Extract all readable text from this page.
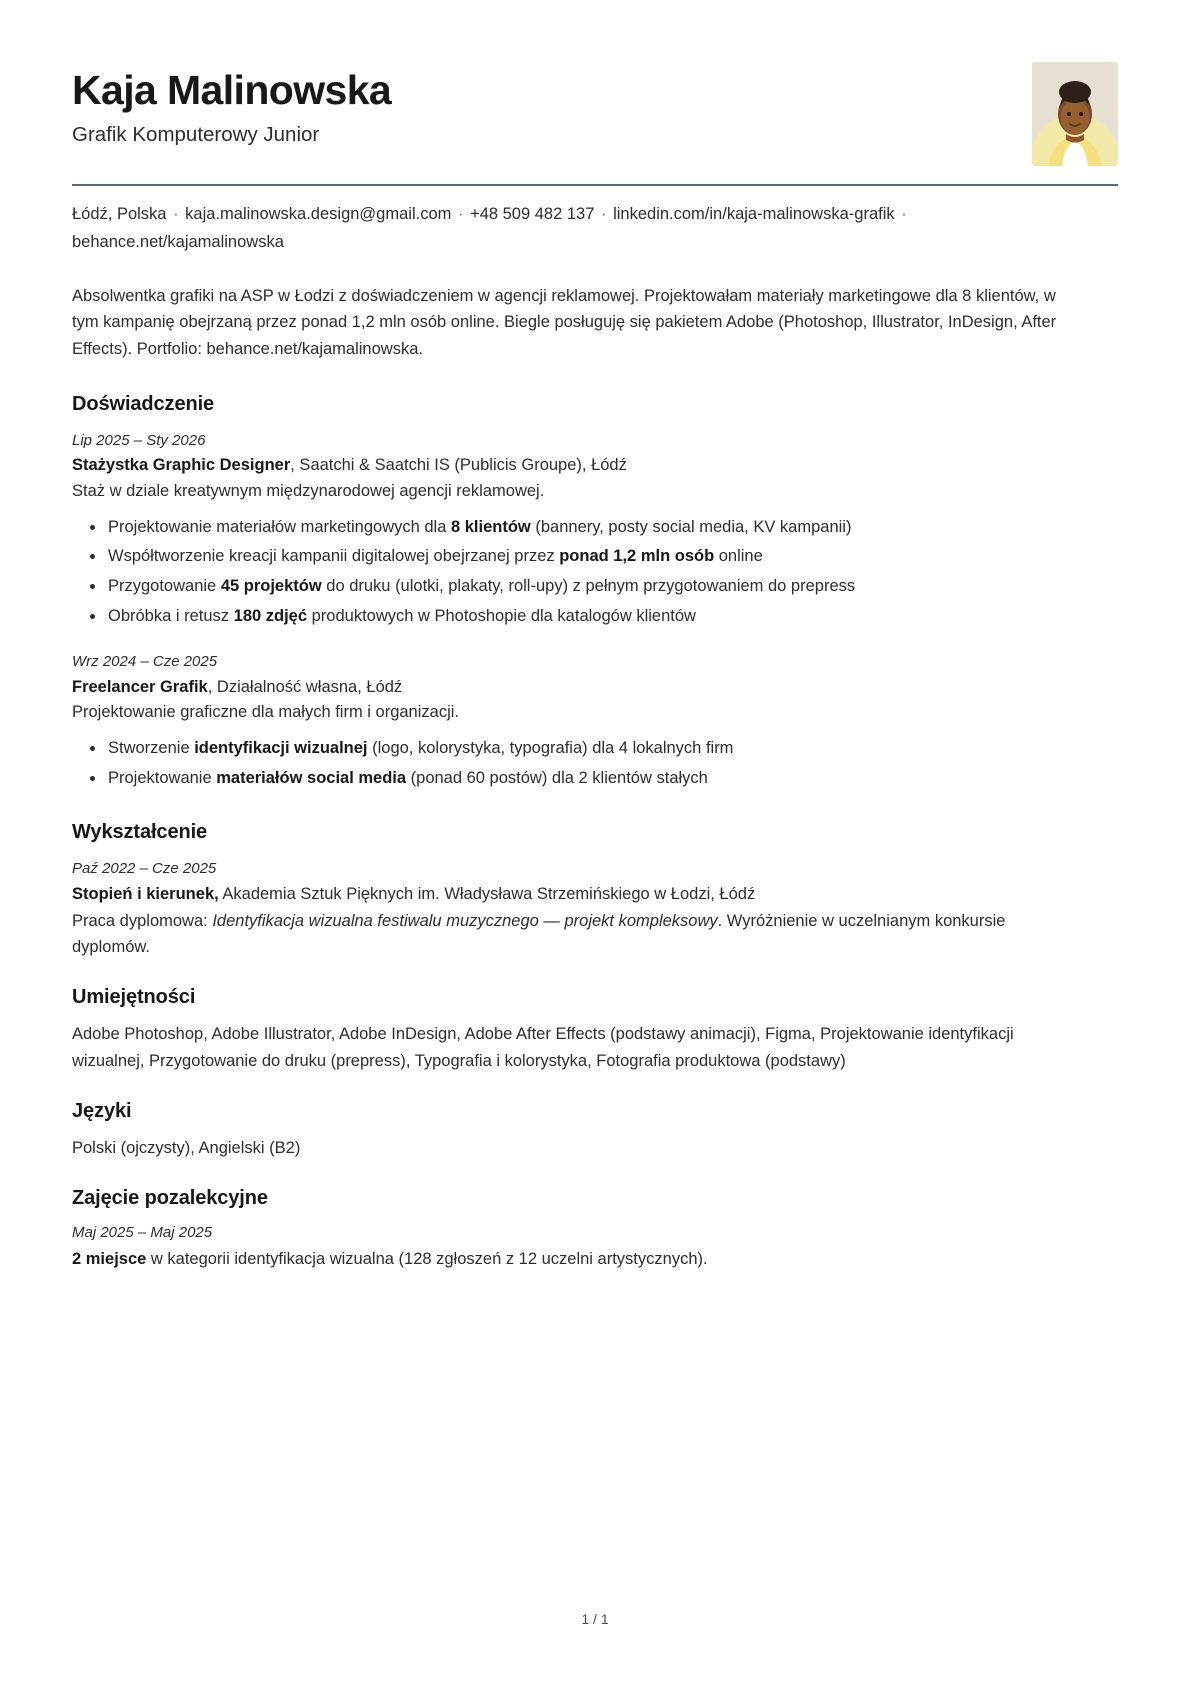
Kaja Malinowska
Grafik Komputerowy Junior
Łódź, Polska · kaja.malinowska.design@gmail.com · +48 509 482 137 · linkedin.com/in/kaja-malinowska-grafik · behance.net/kajamalinowska
Absolwentka grafiki na ASP w Łodzi z doświadczeniem w agencji reklamowej. Projektowałam materiały marketingowe dla 8 klientów, w tym kampanię obejrzaną przez ponad 1,2 mln osób online. Biegle posługuję się pakietem Adobe (Photoshop, Illustrator, InDesign, After Effects). Portfolio: behance.net/kajamalinowska.
Doświadczenie
Lip 2025 – Sty 2026
Stażystka Graphic Designer, Saatchi & Saatchi IS (Publicis Groupe), Łódź
Staż w dziale kreatywnym międzynarodowej agencji reklamowej.
Projektowanie materiałów marketingowych dla 8 klientów (bannery, posty social media, KV kampanii)
Współtworzenie kreacji kampanii digitalowej obejrzanej przez ponad 1,2 mln osób online
Przygotowanie 45 projektów do druku (ulotki, plakaty, roll-upy) z pełnym przygotowaniem do prepress
Obróbka i retusz 180 zdjęć produktowych w Photoshopie dla katalogów klientów
Wrz 2024 – Cze 2025
Freelancer Grafik, Działalność własna, Łódź
Projektowanie graficzne dla małych firm i organizacji.
Stworzenie identyfikacji wizualnej (logo, kolorystyka, typografia) dla 4 lokalnych firm
Projektowanie materiałów social media (ponad 60 postów) dla 2 klientów stałych
Wykształcenie
Paź 2022 – Cze 2025
Stopień i kierunek, Akademia Sztuk Pięknych im. Władysława Strzemińskiego w Łodzi, Łódź
Praca dyplomowa: Identyfikacja wizualna festiwalu muzycznego — projekt kompleksowy. Wyróżnienie w uczelnianym konkursie dyplomów.
Umiejętności
Adobe Photoshop, Adobe Illustrator, Adobe InDesign, Adobe After Effects (podstawy animacji), Figma, Projektowanie identyfikacji wizualnej, Przygotowanie do druku (prepress), Typografia i kolorystyka, Fotografia produktowa (podstawy)
Języki
Polski (ojczysty), Angielski (B2)
Zajęcie pozalekcyjne
Maj 2025 – Maj 2025
2 miejsce w kategorii identyfikacja wizualna (128 zgłoszeń z 12 uczelni artystycznych).
1 / 1
